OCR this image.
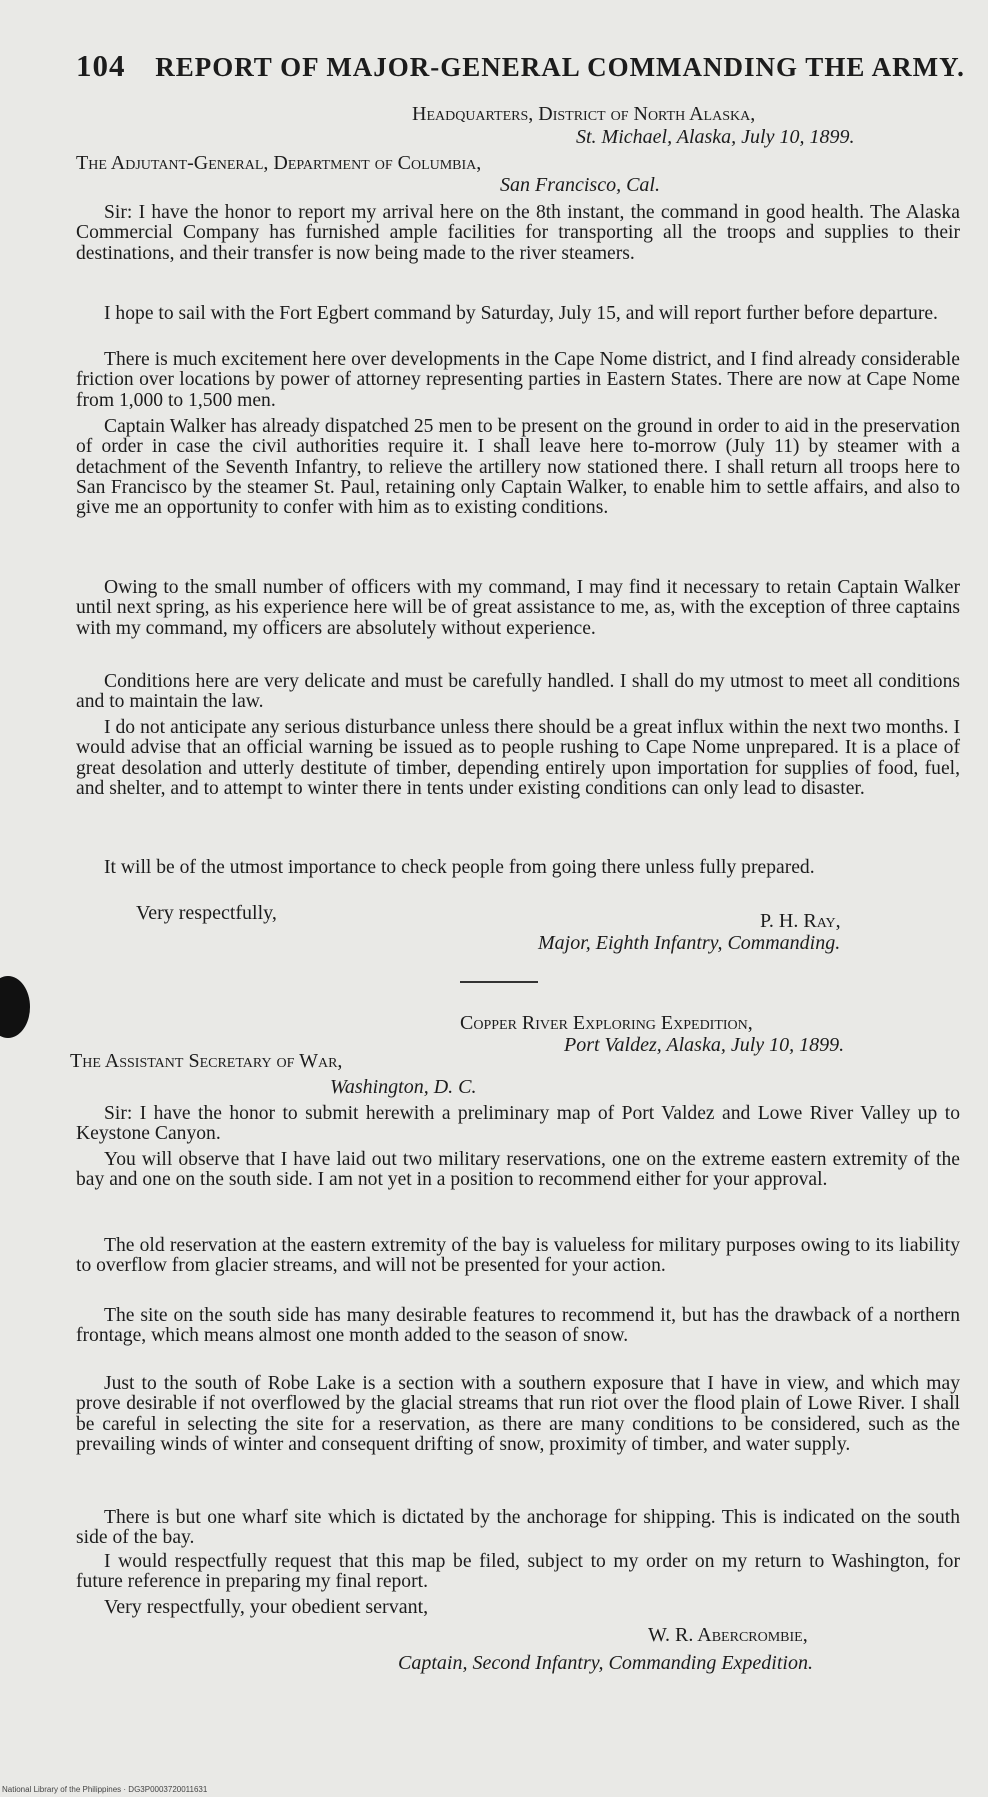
104 REPORT OF MAJOR-GENERAL COMMANDING THE ARMY.
Headquarters, District of North Alaska,
St. Michael, Alaska, July 10, 1899.
The Adjutant-General, Department of Columbia,
San Francisco, Cal.
Sir: I have the honor to report my arrival here on the 8th instant, the command in good health. The Alaska Commercial Company has furnished ample facilities for transporting all the troops and supplies to their destinations, and their transfer is now being made to the river steamers.
I hope to sail with the Fort Egbert command by Saturday, July 15, and will report further before departure.
There is much excitement here over developments in the Cape Nome district, and I find already considerable friction over locations by power of attorney representing parties in Eastern States. There are now at Cape Nome from 1,000 to 1,500 men.
Captain Walker has already dispatched 25 men to be present on the ground in order to aid in the preservation of order in case the civil authorities require it. I shall leave here to-morrow (July 11) by steamer with a detachment of the Seventh Infantry, to relieve the artillery now stationed there. I shall return all troops here to San Francisco by the steamer St. Paul, retaining only Captain Walker, to enable him to settle affairs, and also to give me an opportunity to confer with him as to existing conditions.
Owing to the small number of officers with my command, I may find it necessary to retain Captain Walker until next spring, as his experience here will be of great assistance to me, as, with the exception of three captains with my command, my officers are absolutely without experience.
Conditions here are very delicate and must be carefully handled. I shall do my utmost to meet all conditions and to maintain the law.
I do not anticipate any serious disturbance unless there should be a great influx within the next two months. I would advise that an official warning be issued as to people rushing to Cape Nome unprepared. It is a place of great desolation and utterly destitute of timber, depending entirely upon importation for supplies of food, fuel, and shelter, and to attempt to winter there in tents under existing conditions can only lead to disaster.
It will be of the utmost importance to check people from going there unless fully prepared.
Very respectfully,	P. H. Ray,
Major, Eighth Infantry, Commanding.
Copper River Exploring Expedition,
Port Valdez, Alaska, July 10, 1899.
The Assistant Secretary of War,
Washington, D. C.
Sir: I have the honor to submit herewith a preliminary map of Port Valdez and Lowe River Valley up to Keystone Canyon.
You will observe that I have laid out two military reservations, one on the extreme eastern extremity of the bay and one on the south side. I am not yet in a position to recommend either for your approval.
The old reservation at the eastern extremity of the bay is valueless for military purposes owing to its liability to overflow from glacier streams, and will not be presented for your action.
The site on the south side has many desirable features to recommend it, but has the drawback of a northern frontage, which means almost one month added to the season of snow.
Just to the south of Robe Lake is a section with a southern exposure that I have in view, and which may prove desirable if not overflowed by the glacial streams that run riot over the flood plain of Lowe River. I shall be careful in selecting the site for a reservation, as there are many conditions to be considered, such as the prevailing winds of winter and consequent drifting of snow, proximity of timber, and water supply.
There is but one wharf site which is dictated by the anchorage for shipping. This is indicated on the south side of the bay.
I would respectfully request that this map be filed, subject to my order on my return to Washington, for future reference in preparing my final report.
Very respectfully, your obedient servant,
W. R. Abercrombie,
Captain, Second Infantry, Commanding Expedition.
National Library of the Philippines · DG3P0003720011631
